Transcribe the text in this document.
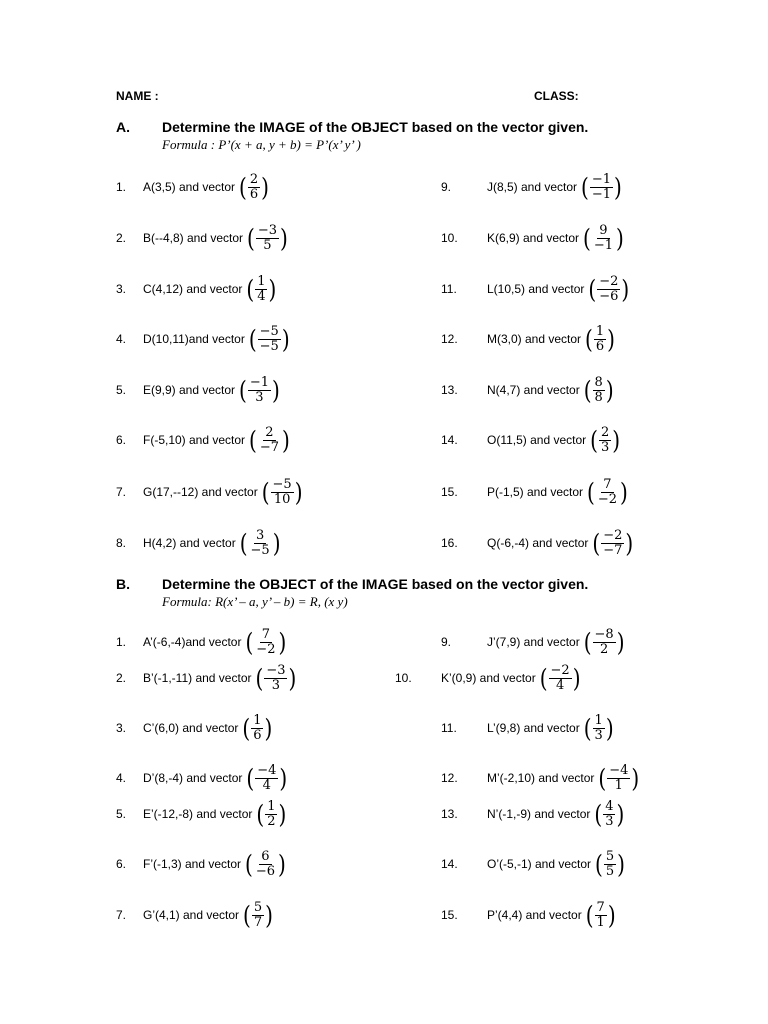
NAME :	CLASS:
A. Determine the IMAGE of the OBJECT based on the vector given.
Formula : P’(x + a, y + b) = P’(x’ y’ )
B. Determine the OBJECT of the IMAGE based on the vector given.
Formula: R(x’ – a, y’ – b) = R, (x y)
1. A(3,5) and vector ( $\frac{2}{6}$ )
2. B(--4,8) and vector ( $\frac{-3}{5}$ )
3. C(4,12) and vector ( $\frac{1}{4}$ )
4. D(10,11)and vector ( $\frac{-5}{-5}$ )
5. E(9,9) and vector ( $\frac{-1}{3}$ )
6. F(-5,10) and vector ( $\frac{2}{-7}$ )
7. G(17,--12) and vector ( $\frac{-5}{10}$ )
8. H(4,2) and vector ( $\frac{3}{-5}$ )
9.	J(8,5) and vector ( $\frac{-1}{-1}$ )
10. K(6,9) and vector ( $\frac{9}{-1}$ )
11.	L(10,5) and vector ( $\frac{-2}{-6}$ )
12. M(3,0) and vector ( $\frac{1}{6}$ )
13. N(4,7) and vector ( $\frac{8}{8}$ )
14. O(11,5) and vector ( $\frac{2}{3}$ )
15. P(-1,5) and vector ( $\frac{7}{-2}$ )
16. Q(-6,-4) and vector ( $\frac{-2}{-7}$ )
1. A’(-6,-4)and vector ( $\frac{7}{-2}$ )
2. B’(-1,-11) and vector ( $\frac{-3}{3}$ )
3. C’(6,0) and vector ( $\frac{1}{6}$ )
4. D’(8,-4) and vector ( $\frac{-4}{4}$ )
5. E’(-12,-8) and vector ( $\frac{1}{2}$ )
6. F’(-1,3) and vector ( $\frac{6}{-6}$ )
7. G’(4,1) and vector ( $\frac{5}{7}$ )
9.	J’(7,9) and vector ( $\frac{-8}{2}$ )
10. K’(0,9) and vector ( $\frac{-2}{4}$ )
11.	L’(9,8) and vector ( $\frac{1}{3}$ )
12. M’(-2,10) and vector ( $\frac{-4}{1}$ )
13. N’(-1,-9) and vector ( $\frac{4}{3}$ )
14. O’(-5,-1) and vector ( $\frac{5}{5}$ )
15. P’(4,4) and vector ( $\frac{7}{1}$ )
